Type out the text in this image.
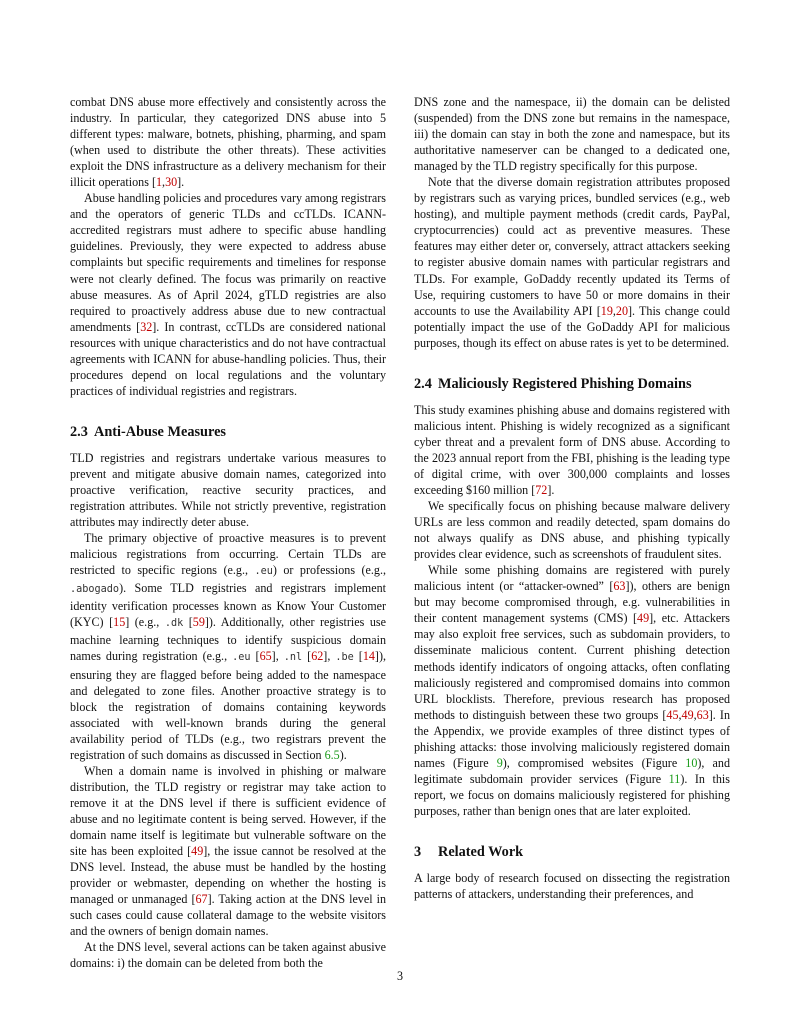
combat DNS abuse more effectively and consistently across the industry. In particular, they categorized DNS abuse into 5 different types: malware, botnets, phishing, pharming, and spam (when used to distribute the other threats). These activities exploit the DNS infrastructure as a delivery mechanism for their illicit operations [1,30].

Abuse handling policies and procedures vary among registrars and the operators of generic TLDs and ccTLDs. ICANN-accredited registrars must adhere to specific abuse handling guidelines. Previously, they were expected to address abuse complaints but specific requirements and timelines for response were not clearly defined. The focus was primarily on reactive abuse measures. As of April 2024, gTLD registries are also required to proactively address abuse due to new contractual amendments [32]. In contrast, ccTLDs are considered national resources with unique characteristics and do not have contractual agreements with ICANN for abuse-handling policies. Thus, their procedures depend on local regulations and the voluntary practices of individual registries and registrars.

2.3 Anti-Abuse Measures

TLD registries and registrars undertake various measures to prevent and mitigate abusive domain names, categorized into proactive verification, reactive security practices, and registration attributes. While not strictly preventive, registration attributes may indirectly deter abuse.

The primary objective of proactive measures is to prevent malicious registrations from occurring. Certain TLDs are restricted to specific regions (e.g., .eu) or professions (e.g., .abogado). Some TLD registries and registrars implement identity verification processes known as Know Your Customer (KYC) [15] (e.g., .dk [59]). Additionally, other registries use machine learning techniques to identify suspicious domain names during registration (e.g., .eu [65], .nl [62], .be [14]), ensuring they are flagged before being added to the namespace and delegated to zone files. Another proactive strategy is to block the registration of domains containing keywords associated with well-known brands during the general availability period of TLDs (e.g., two registrars prevent the registration of such domains as discussed in Section 6.5).

When a domain name is involved in phishing or malware distribution, the TLD registry or registrar may take action to remove it at the DNS level if there is sufficient evidence of abuse and no legitimate content is being served. However, if the domain name itself is legitimate but vulnerable software on the site has been exploited [49], the issue cannot be resolved at the DNS level. Instead, the abuse must be handled by the hosting provider or webmaster, depending on whether the hosting is managed or unmanaged [67]. Taking action at the DNS level in such cases could cause collateral damage to the website visitors and the owners of benign domain names.

At the DNS level, several actions can be taken against abusive domains: i) the domain can be deleted from both the

DNS zone and the namespace, ii) the domain can be delisted (suspended) from the DNS zone but remains in the namespace, iii) the domain can stay in both the zone and namespace, but its authoritative nameserver can be changed to a dedicated one, managed by the TLD registry specifically for this purpose.

Note that the diverse domain registration attributes proposed by registrars such as varying prices, bundled services (e.g., web hosting), and multiple payment methods (credit cards, PayPal, cryptocurrencies) could act as preventive measures. These features may either deter or, conversely, attract attackers seeking to register abusive domain names with particular registrars and TLDs. For example, GoDaddy recently updated its Terms of Use, requiring customers to have 50 or more domains in their accounts to use the Availability API [19,20]. This change could potentially impact the use of the GoDaddy API for malicious purposes, though its effect on abuse rates is yet to be determined.

2.4 Maliciously Registered Phishing Domains

This study examines phishing abuse and domains registered with malicious intent. Phishing is widely recognized as a significant cyber threat and a prevalent form of DNS abuse. According to the 2023 annual report from the FBI, phishing is the leading type of digital crime, with over 300,000 complaints and losses exceeding $160 million [72].

We specifically focus on phishing because malware delivery URLs are less common and readily detected, spam domains do not always qualify as DNS abuse, and phishing typically provides clear evidence, such as screenshots of fraudulent sites.

While some phishing domains are registered with purely malicious intent (or “attacker-owned” [63]), others are benign but may become compromised through, e.g. vulnerabilities in their content management systems (CMS) [49], etc. Attackers may also exploit free services, such as subdomain providers, to disseminate malicious content. Current phishing detection methods identify indicators of ongoing attacks, often conflating maliciously registered and compromised domains into common URL blocklists. Therefore, previous research has proposed methods to distinguish between these two groups [45,49,63]. In the Appendix, we provide examples of three distinct types of phishing attacks: those involving maliciously registered domain names (Figure 9), compromised websites (Figure 10), and legitimate subdomain provider services (Figure 11). In this report, we focus on domains maliciously registered for phishing purposes, rather than benign ones that are later exploited.

3 Related Work

A large body of research focused on dissecting the registration patterns of attackers, understanding their preferences, and

3
